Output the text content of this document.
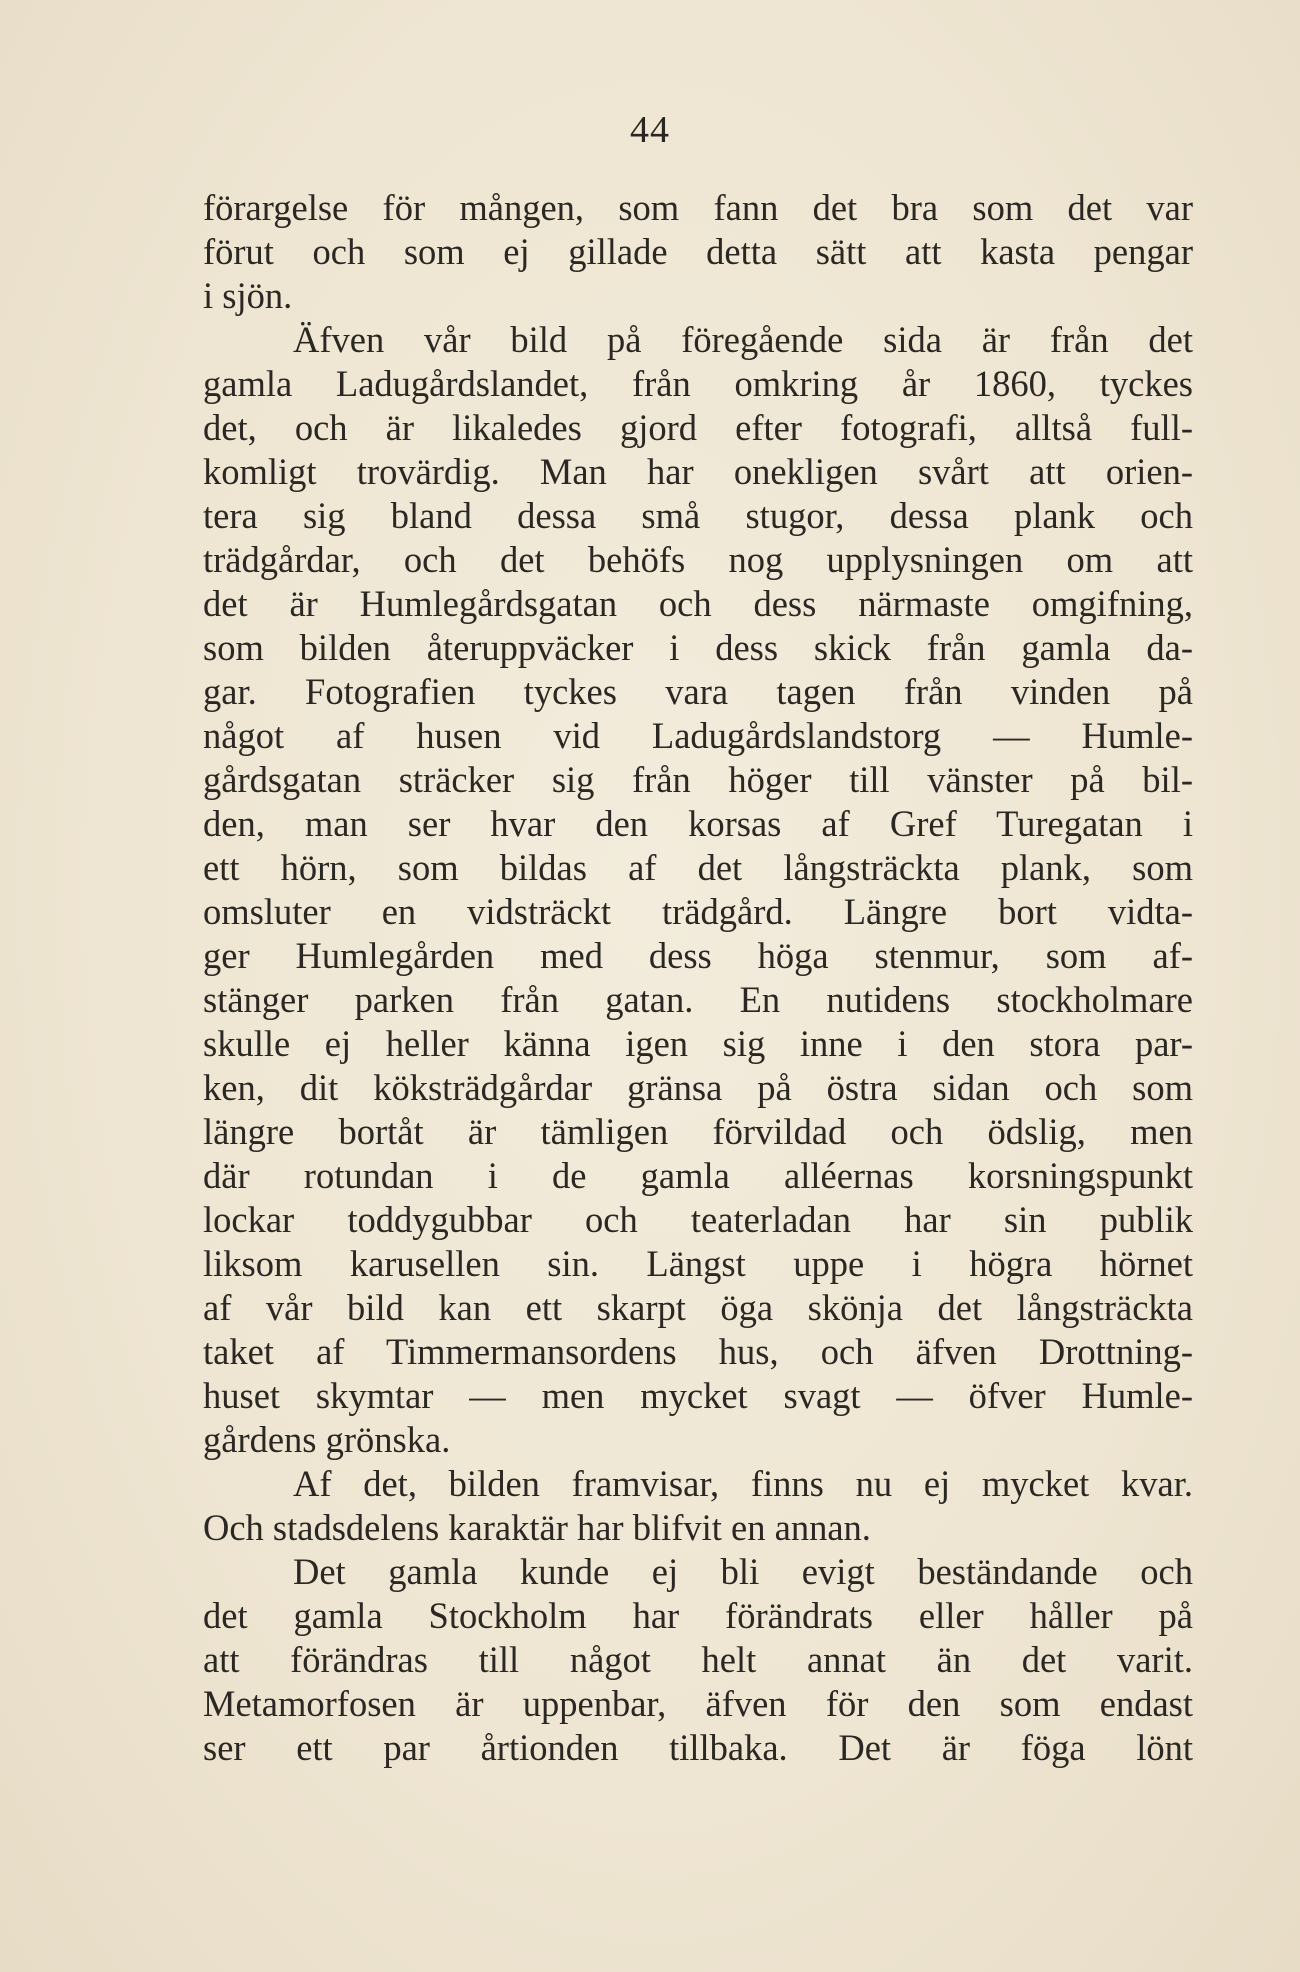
44
förargelse för mången, som fann det bra som det var
förut och som ej gillade detta sätt att kasta pengar
i sjön.
Äfven vår bild på föregående sida är från det
gamla Ladugårdslandet, från omkring år 1860, tyckes
det, och är likaledes gjord efter fotografi, alltså full-
komligt trovärdig. Man har onekligen svårt att orien-
tera sig bland dessa små stugor, dessa plank och
trädgårdar, och det behöfs nog upplysningen om att
det är Humlegårdsgatan och dess närmaste omgifning,
som bilden återuppväcker i dess skick från gamla da-
gar. Fotografien tyckes vara tagen från vinden på
något af husen vid Ladugårdslandstorg — Humle-
gårdsgatan sträcker sig från höger till vänster på bil-
den, man ser hvar den korsas af Gref Turegatan i
ett hörn, som bildas af det långsträckta plank, som
omsluter en vidsträckt trädgård. Längre bort vidta-
ger Humlegården med dess höga stenmur, som af-
stänger parken från gatan. En nutidens stockholmare
skulle ej heller känna igen sig inne i den stora par-
ken, dit köksträdgårdar gränsa på östra sidan och som
längre bortåt är tämligen förvildad och ödslig, men
där rotundan i de gamla alléernas korsningspunkt
lockar toddygubbar och teaterladan har sin publik
liksom karusellen sin. Längst uppe i högra hörnet
af vår bild kan ett skarpt öga skönja det långsträckta
taket af Timmermansordens hus, och äfven Drottning-
huset skymtar — men mycket svagt — öfver Humle-
gårdens grönska.
Af det, bilden framvisar, finns nu ej mycket kvar.
Och stadsdelens karaktär har blifvit en annan.
Det gamla kunde ej bli evigt beständande och
det gamla Stockholm har förändrats eller håller på
att förändras till något helt annat än det varit.
Metamorfosen är uppenbar, äfven för den som endast
ser ett par årtionden tillbaka. Det är föga lönt
